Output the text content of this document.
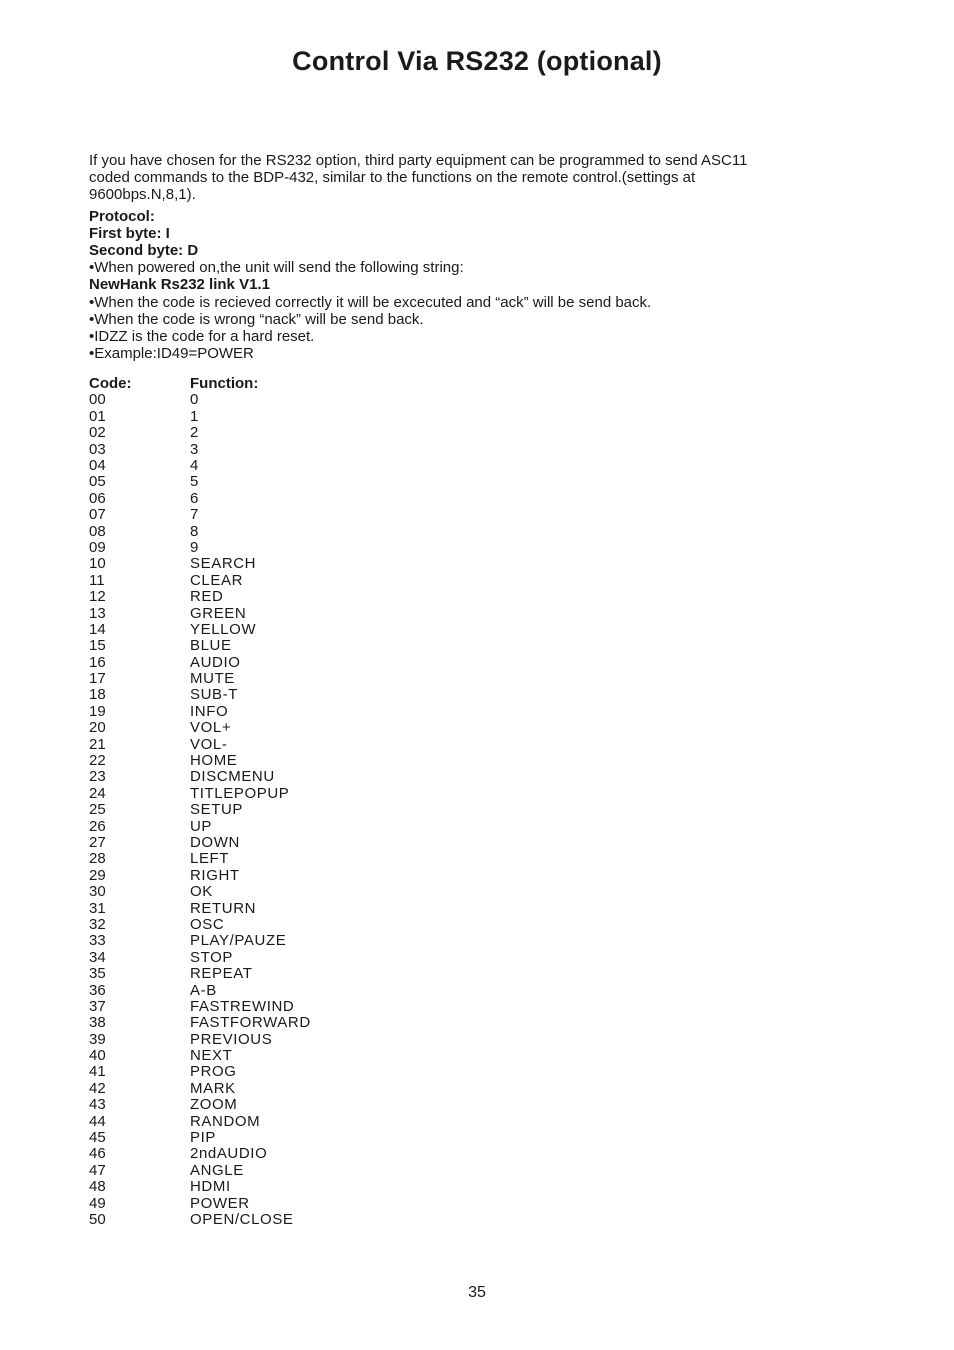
Control Via RS232 (optional)

If you have chosen for the RS232 option, third party equipment can be programmed to send ASC11 coded commands to the BDP-432, similar to the functions on the remote control.(settings at 9600bps.N,8,1).

Protocol:
First byte: I
Second byte: D
•When powered on,the unit will send the following string:
NewHank Rs232 link V1.1
•When the code is recieved correctly it will be excecuted and “ack” will be send back.
•When the code is wrong “nack” will be send back.
•IDZZ is the code for a hard reset.
•Example:ID49=POWER
Code:	Function:
00	0
01	1
02	2
03	3
04	4
05	5
06	6
07	7
08	8
09	9
10	SEARCH
11	CLEAR
12	RED
13	GREEN
14	YELLOW
15	BLUE
16	AUDIO
17	MUTE
18	SUB-T
19	INFO
20	VOL+
21	VOL-
22	HOME
23	DISCMENU
24	TITLEPOPUP
25	SETUP
26	UP
27	DOWN
28	LEFT
29	RIGHT
30	OK
31	RETURN
32	OSC
33	PLAY/PAUZE
34	STOP
35	REPEAT
36	A-B
37	FASTREWIND
38	FASTFORWARD
39	PREVIOUS
40	NEXT
41	PROG
42	MARK
43	ZOOM
44	RANDOM
45	PIP
46	2ndAUDIO
47	ANGLE
48	HDMI
49	POWER
50	OPEN/CLOSE
35
